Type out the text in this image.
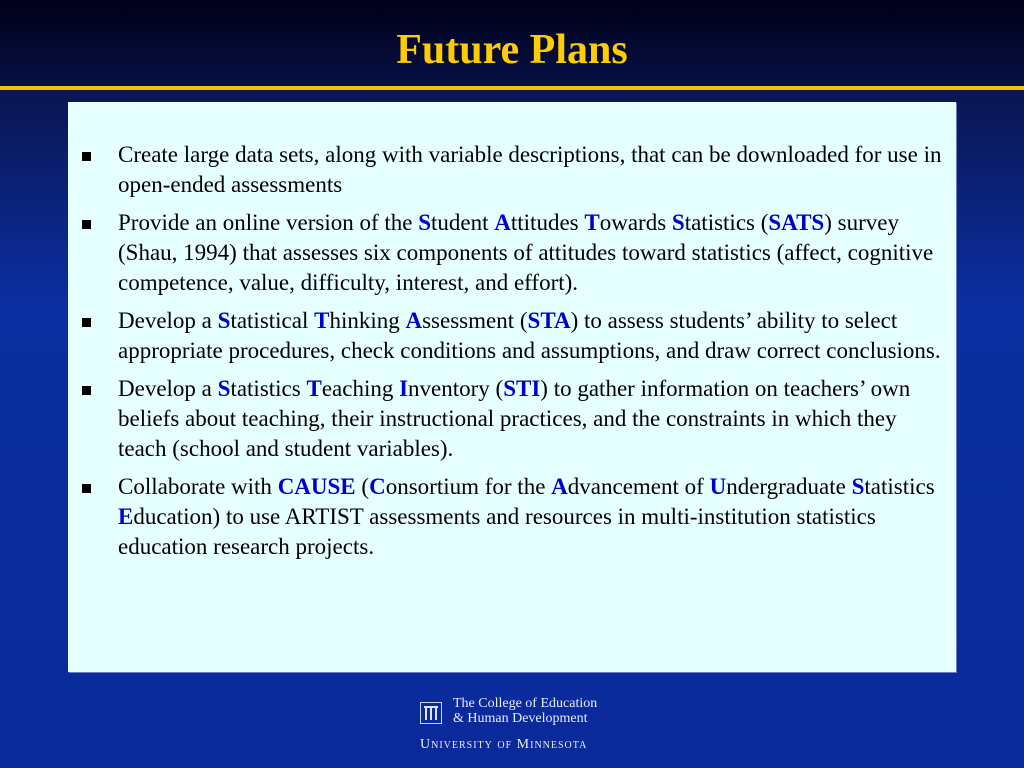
Future Plans
Create large data sets, along with variable descriptions, that can be downloaded for use in open-ended assessments
Provide an online version of the Student Attitudes Towards Statistics (SATS) survey (Shau, 1994) that assesses six components of attitudes toward statistics (affect, cognitive competence, value, difficulty, interest, and effort).
Develop a Statistical Thinking Assessment (STA) to assess students’ ability to select appropriate procedures, check conditions and assumptions, and draw correct conclusions.
Develop a Statistics Teaching Inventory (STI) to gather information on teachers’ own beliefs about teaching, their instructional practices, and the constraints in which they teach (school and student variables).
Collaborate with CAUSE (Consortium for the Advancement of Undergraduate Statistics Education) to use ARTIST assessments and resources in multi-institution statistics education research projects.
The College of Education
& Human Development
University of Minnesota
